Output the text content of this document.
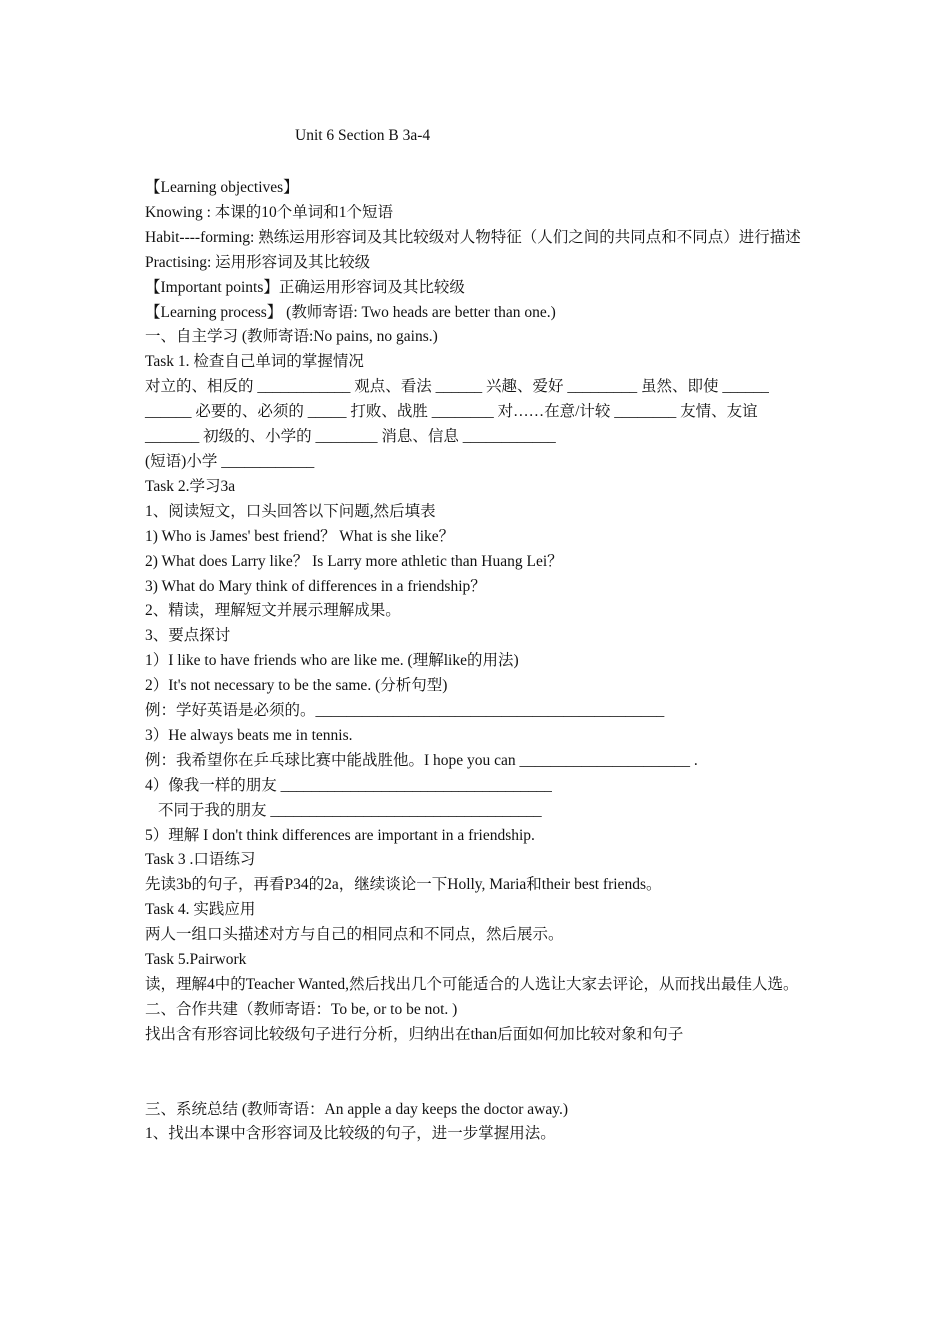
Unit 6 Section B 3a-4
【Learning objectives】
Knowing : 本课的10个单词和1个短语
Habit----forming: 熟练运用形容词及其比较级对人物特征（人们之间的共同点和不同点）进行描述
Practising: 运用形容词及其比较级
【Important points】正确运用形容词及其比较级
【Learning process】 (教师寄语: Two heads are better than one.)
一、自主学习 (教师寄语:No pains, no gains.)
Task 1. 检查自己单词的掌握情况
对立的、相反的 ____________ 观点、看法 ______ 兴趣、爱好 _________ 虽然、即使 ______
______ 必要的、必须的 _____ 打败、战胜 ________ 对……在意/计较 ________ 友情、友谊
_______ 初级的、小学的 ________ 消息、信息 ____________
(短语)小学 ____________
Task 2.学习3a
1、阅读短文，口头回答以下问题,然后填表
1) Who is James' best friend？ What is she like？
2) What does Larry like？ Is Larry more athletic than Huang Lei？
3) What do Mary think of differences in a friendship？
2、精读，理解短文并展示理解成果。
3、要点探讨
1）I like to have friends who are like me. (理解like的用法)
2）It's not necessary to be the same. (分析句型)
例：学好英语是必须的。_____________________________________________
3）He always beats me in tennis.
例：我希望你在乒乓球比赛中能战胜他。I hope you can ______________________ .
4）像我一样的朋友 ___________________________________
不同于我的朋友 ___________________________________
5）理解 I don't think differences are important in a friendship.
Task 3 .口语练习
先读3b的句子，再看P34的2a，继续谈论一下Holly, Maria和their best friends。
Task 4. 实践应用
两人一组口头描述对方与自己的相同点和不同点，然后展示。
Task 5.Pairwork
读，理解4中的Teacher Wanted,然后找出几个可能适合的人选让大家去评论，从而找出最佳人选。
二、合作共建（教师寄语：To be, or to be not. )
找出含有形容词比较级句子进行分析，归纳出在than后面如何加比较对象和句子
三、系统总结 (教师寄语：An apple a day keeps the doctor away.)
1、找出本课中含形容词及比较级的句子，进一步掌握用法。
